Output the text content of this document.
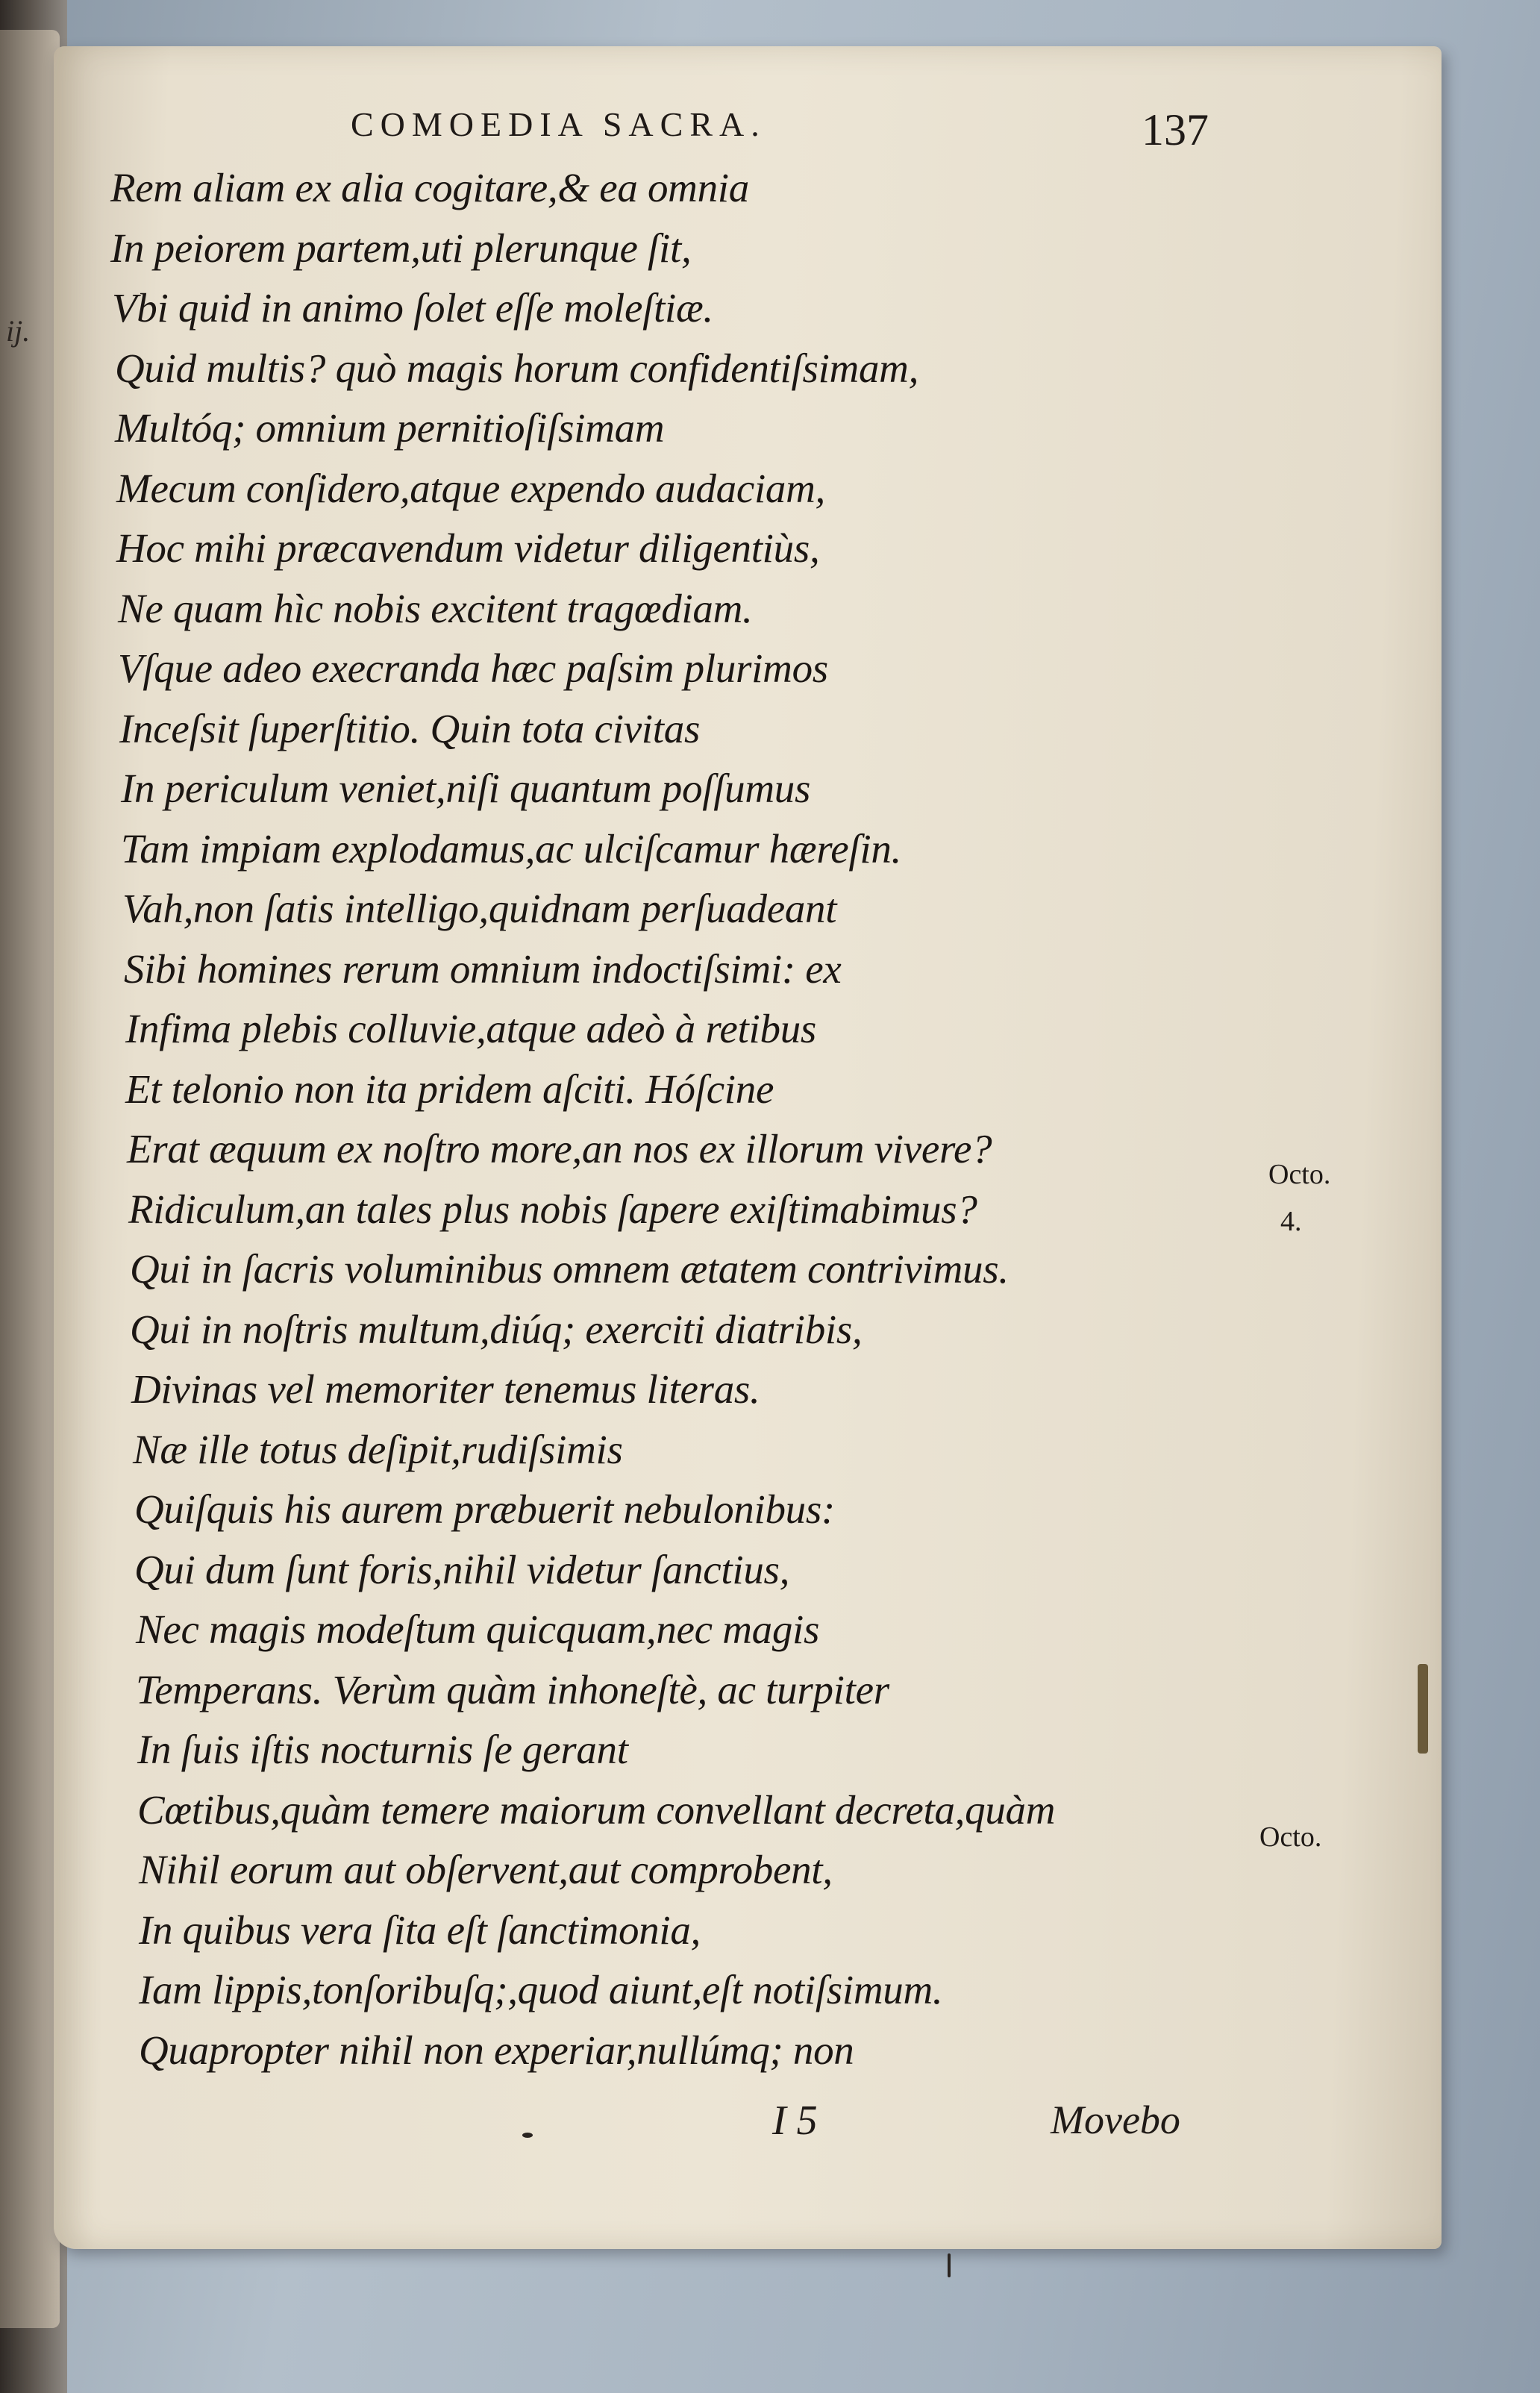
ij.
COMOEDIA SACRA.	137
Rem aliam ex alia cogitare,& ea omnia
In peiorem partem,uti plerunque ſit,
Vbi quid in animo ſolet eſſe moleſtiæ.
Quid multis? quò magis horum confidentiſsimam,
Multóq; omnium pernitioſiſsimam
Mecum conſidero,atque expendo audaciam,
Hoc mihi præcavendum videtur diligentiùs,
Ne quam hìc nobis excitent tragœdiam.
Vſque adeo execranda hæc paſsim plurimos
Inceſsit ſuperſtitio. Quin tota civitas
In periculum veniet,niſi quantum poſſumus
Tam impiam explodamus,ac ulciſcamur hæreſin.
Vah,non ſatis intelligo,quidnam perſuadeant
Sibi homines rerum omnium indoctiſsimi: ex
Infima plebis colluvie,atque adeò à retibus
Et telonio non ita pridem aſciti. Hóſcine
Erat æquum ex noſtro more,an nos ex illorum vivere?
Ridiculum,an tales plus nobis ſapere exiſtimabimus?
Qui in ſacris voluminibus omnem ætatem contrivimus.
Qui in noſtris multum,diúq; exerciti diatribis,
Divinas vel memoriter tenemus literas.
Næ ille totus deſipit,rudiſsimis
Quiſquis his aurem præbuerit nebulonibus:
Qui dum ſunt foris,nihil videtur ſanctius,
Nec magis modeſtum quicquam,nec magis
Temperans. Verùm quàm inhoneſtè, ac turpiter
In ſuis iſtis nocturnis ſe gerant
Cœtibus,quàm temere maiorum convellant decreta,quàm
Nihil eorum aut obſervent,aut comprobent,
In quibus vera ſita eſt ſanctimonia,
Iam lippis,tonſoribuſq;,quod aiunt,eſt notiſsimum.
Quapropter nihil non experiar,nullúmq; non
Octo.
4.
Octo.
I 5	Movebo
